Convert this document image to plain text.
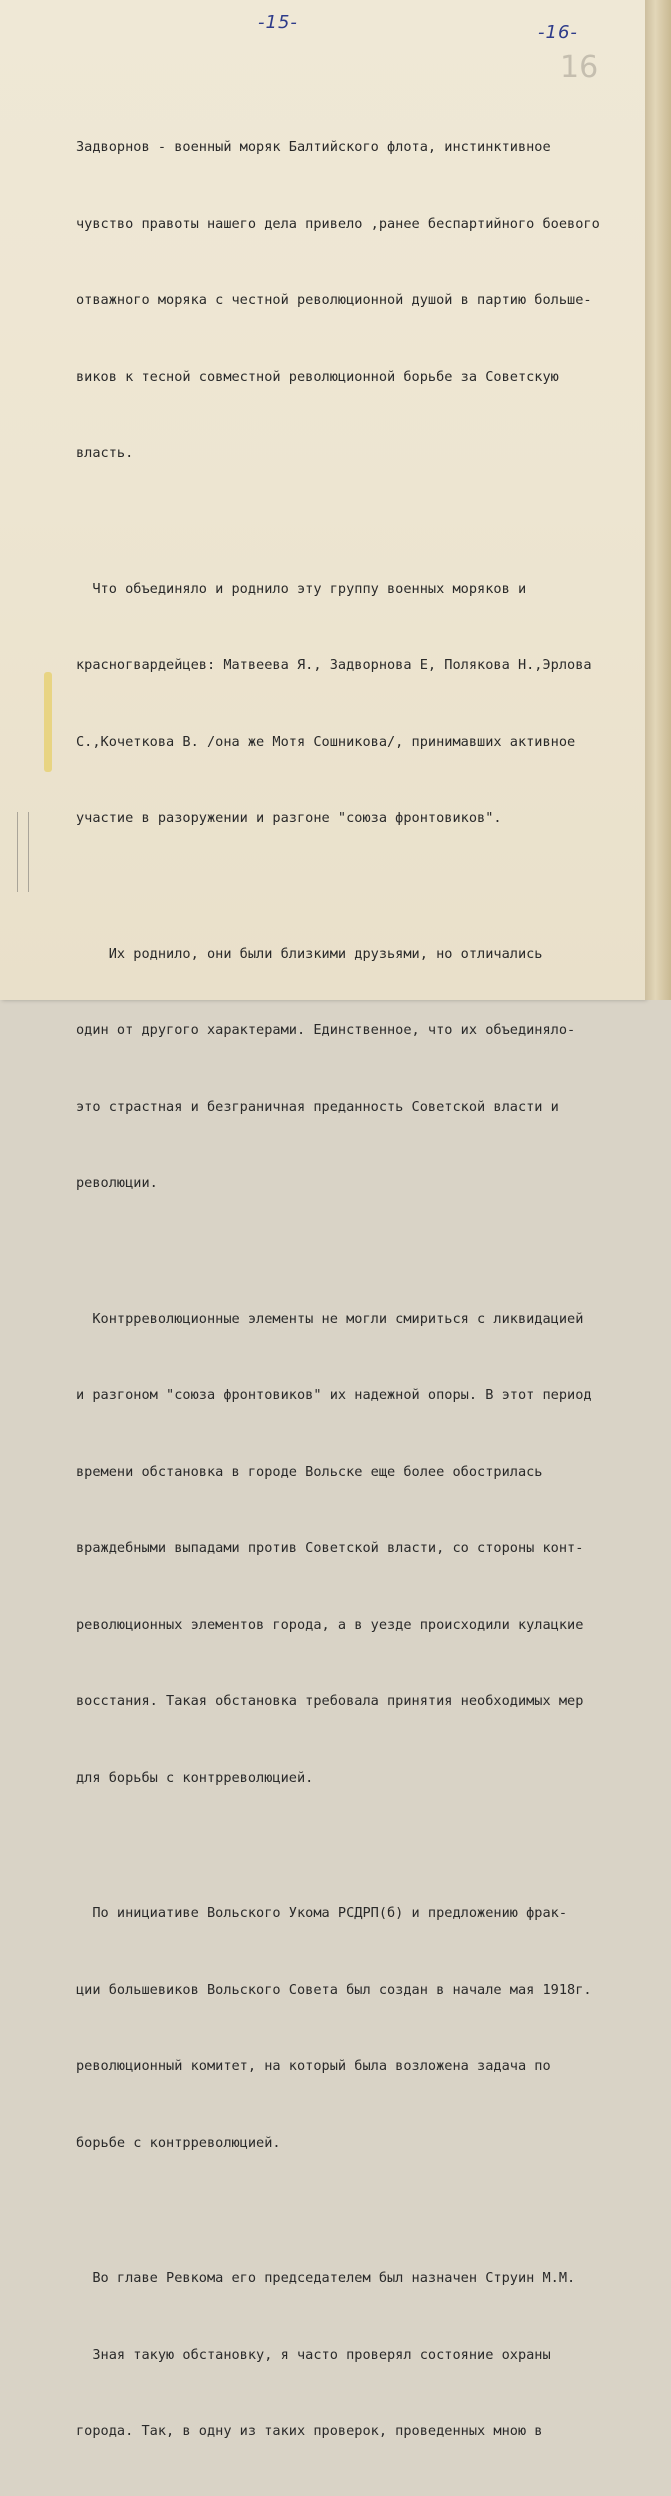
-15-	-16-
16

Задворнов - военный моряк Балтийского флота, инстинктивное

чувство правоты нашего дела привело ,ранее беспартийного боевого

отважного моряка с честной революционной душой в партию больше-

виков к тесной совместной революционной борьбе за Советскую

власть.

Что объединяло и роднило эту группу военных моряков и

красногвардейцев: Матвеева Я., Задворнова Е, Полякова Н.,Эрлова

С.,Кочеткова В. /она же Мотя Сошникова/, принимавших активное

участие в разоружении и разгоне "союза фронтовиков".

Их роднило, они были близкими друзьями, но отличались

один от другого характерами. Единственное, что их объединяло-

это страстная и безграничная преданность Советской власти и

революции.

Контрреволюционные элементы не могли смириться с ликвидацией

и разгоном "союза фронтовиков" их надежной опоры. В этот период

времени обстановка в городе Вольске еще более обострилась

враждебными выпадами против Советской власти, со стороны конт-

революционных элементов города, а в уезде происходили кулацкие

восстания. Такая обстановка требовала принятия необходимых мер

для борьбы с контрреволюцией.

По инициативе Вольского Укома РСДРП(б) и предложению фрак-

ции большевиков Вольского Совета был создан в начале мая 1918г.

революционный комитет, на который была возложена задача по

борьбе с контрреволюцией.

Во главе Ревкома его председателем был назначен Струин М.М.

Зная такую обстановку, я часто проверял состояние охраны

города. Так, в одну из таких проверок, проведенных мною в
